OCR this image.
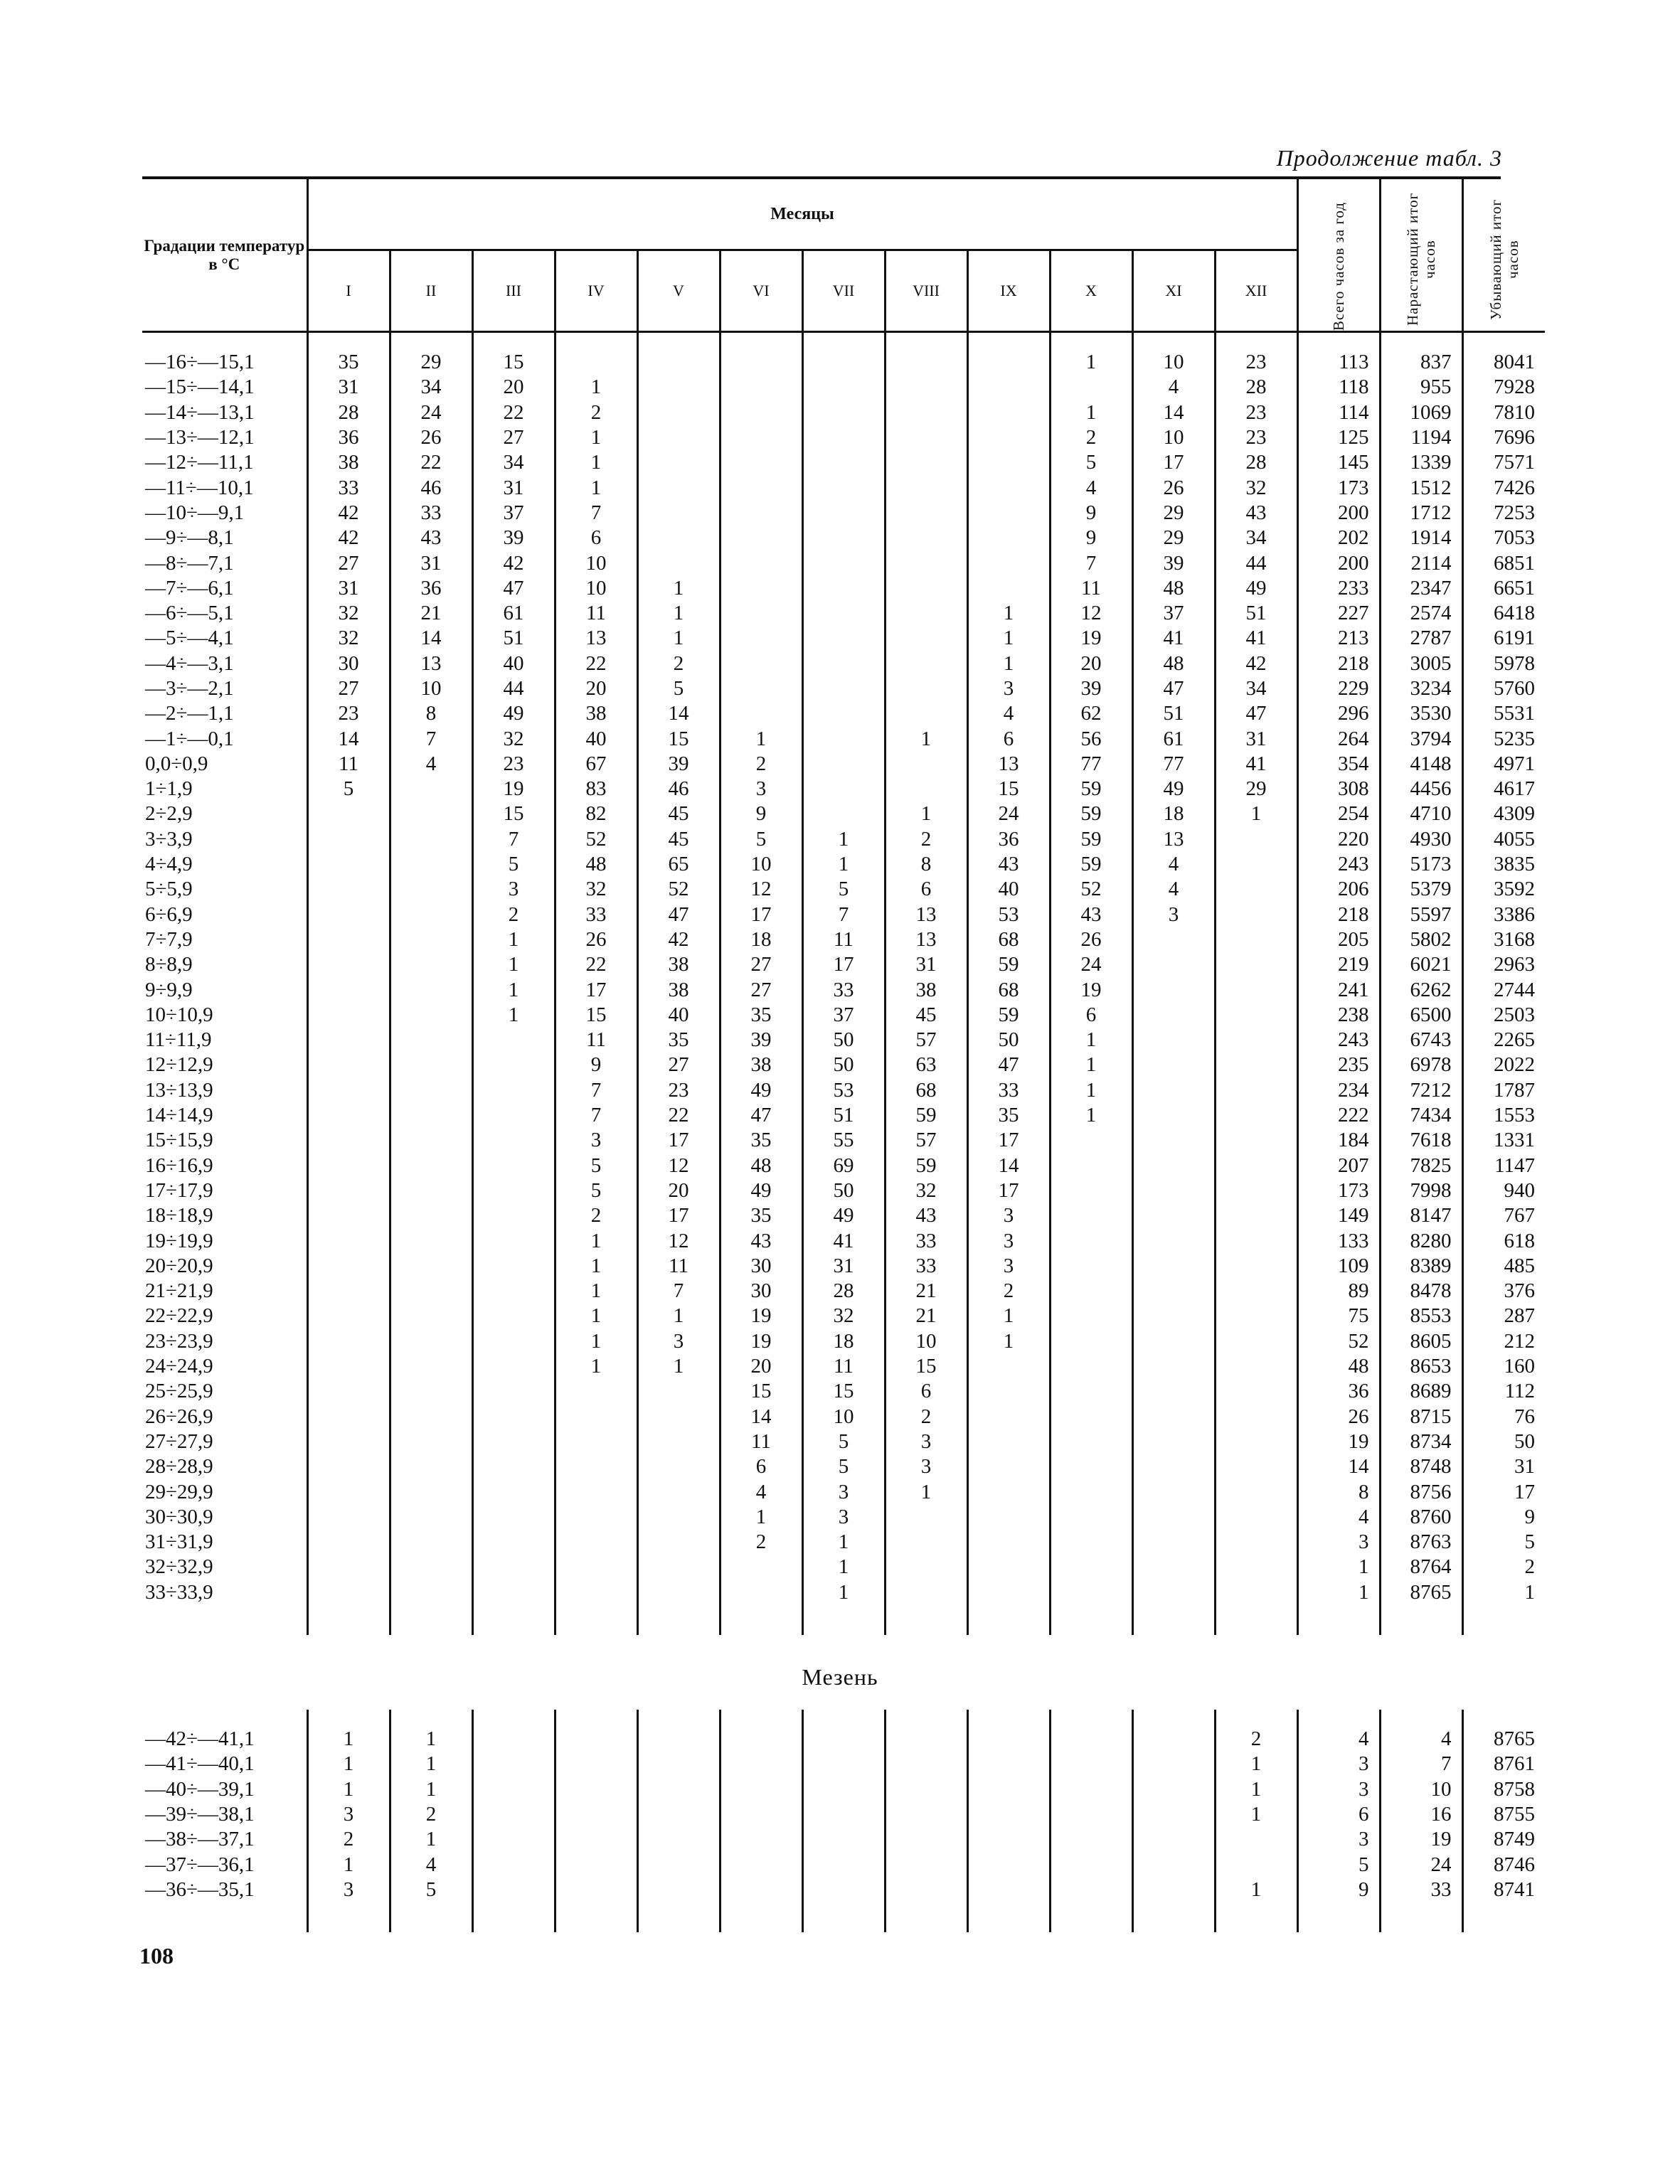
Продолжение табл. 3
Градации температур в °С	Месяцы												Всего часов за год	Нарастающий итог часов	Убывающий итог часов

	I	II	III	IV	V	VI	VII	VIII	IX	X	XI	XII			

—16÷—15,1	35	29	15							1	10	23	113	837	8041
—15÷—14,1	31	34	20	1							4	28	118	955	7928
—14÷—13,1	28	24	22	2						1	14	23	114	1069	7810
—13÷—12,1	36	26	27	1						2	10	23	125	1194	7696
—12÷—11,1	38	22	34	1						5	17	28	145	1339	7571
—11÷—10,1	33	46	31	1						4	26	32	173	1512	7426
—10÷—9,1	42	33	37	7						9	29	43	200	1712	7253
—9÷—8,1	42	43	39	6						9	29	34	202	1914	7053
—8÷—7,1	27	31	42	10						7	39	44	200	2114	6851
—7÷—6,1	31	36	47	10	1					11	48	49	233	2347	6651
—6÷—5,1	32	21	61	11	1				1	12	37	51	227	2574	6418
—5÷—4,1	32	14	51	13	1				1	19	41	41	213	2787	6191
—4÷—3,1	30	13	40	22	2				1	20	48	42	218	3005	5978
—3÷—2,1	27	10	44	20	5				3	39	47	34	229	3234	5760
—2÷—1,1	23	8	49	38	14				4	62	51	47	296	3530	5531
—1÷—0,1	14	7	32	40	15	1		1	6	56	61	31	264	3794	5235
0,0÷0,9	11	4	23	67	39	2			13	77	77	41	354	4148	4971
1÷1,9	5		19	83	46	3			15	59	49	29	308	4456	4617
2÷2,9			15	82	45	9		1	24	59	18	1	254	4710	4309
3÷3,9			7	52	45	5	1	2	36	59	13		220	4930	4055
4÷4,9			5	48	65	10	1	8	43	59	4		243	5173	3835
5÷5,9			3	32	52	12	5	6	40	52	4		206	5379	3592
6÷6,9			2	33	47	17	7	13	53	43	3		218	5597	3386
7÷7,9			1	26	42	18	11	13	68	26			205	5802	3168
8÷8,9			1	22	38	27	17	31	59	24			219	6021	2963
9÷9,9			1	17	38	27	33	38	68	19			241	6262	2744
10÷10,9			1	15	40	35	37	45	59	6			238	6500	2503
11÷11,9				11	35	39	50	57	50	1			243	6743	2265
12÷12,9				9	27	38	50	63	47	1			235	6978	2022
13÷13,9				7	23	49	53	68	33	1			234	7212	1787
14÷14,9				7	22	47	51	59	35	1			222	7434	1553
15÷15,9				3	17	35	55	57	17				184	7618	1331
16÷16,9				5	12	48	69	59	14				207	7825	1147
17÷17,9				5	20	49	50	32	17				173	7998	940
18÷18,9				2	17	35	49	43	3				149	8147	767
19÷19,9				1	12	43	41	33	3				133	8280	618
20÷20,9				1	11	30	31	33	3				109	8389	485
21÷21,9				1	7	30	28	21	2				89	8478	376
22÷22,9				1	1	19	32	21	1				75	8553	287
23÷23,9				1	3	19	18	10	1				52	8605	212
24÷24,9				1	1	20	11	15					48	8653	160
25÷25,9						15	15	6					36	8689	112
26÷26,9						14	10	2					26	8715	76
27÷27,9						11	5	3					19	8734	50
28÷28,9						6	5	3					14	8748	31
29÷29,9						4	3	1					8	8756	17
30÷30,9						1	3						4	8760	9
31÷31,9						2	1						3	8763	5
32÷32,9							1						1	8764	2
33÷33,9							1						1	8765	1

Мезень

—42÷—41,1	1	1										2	4	4	8765
—41÷—40,1	1	1										1	3	7	8761
—40÷—39,1	1	1										1	3	10	8758
—39÷—38,1	3	2										1	6	16	8755
—38÷—37,1	2	1											3	19	8749
—37÷—36,1	1	4											5	24	8746
—36÷—35,1	3	5										1	9	33	8741

108
